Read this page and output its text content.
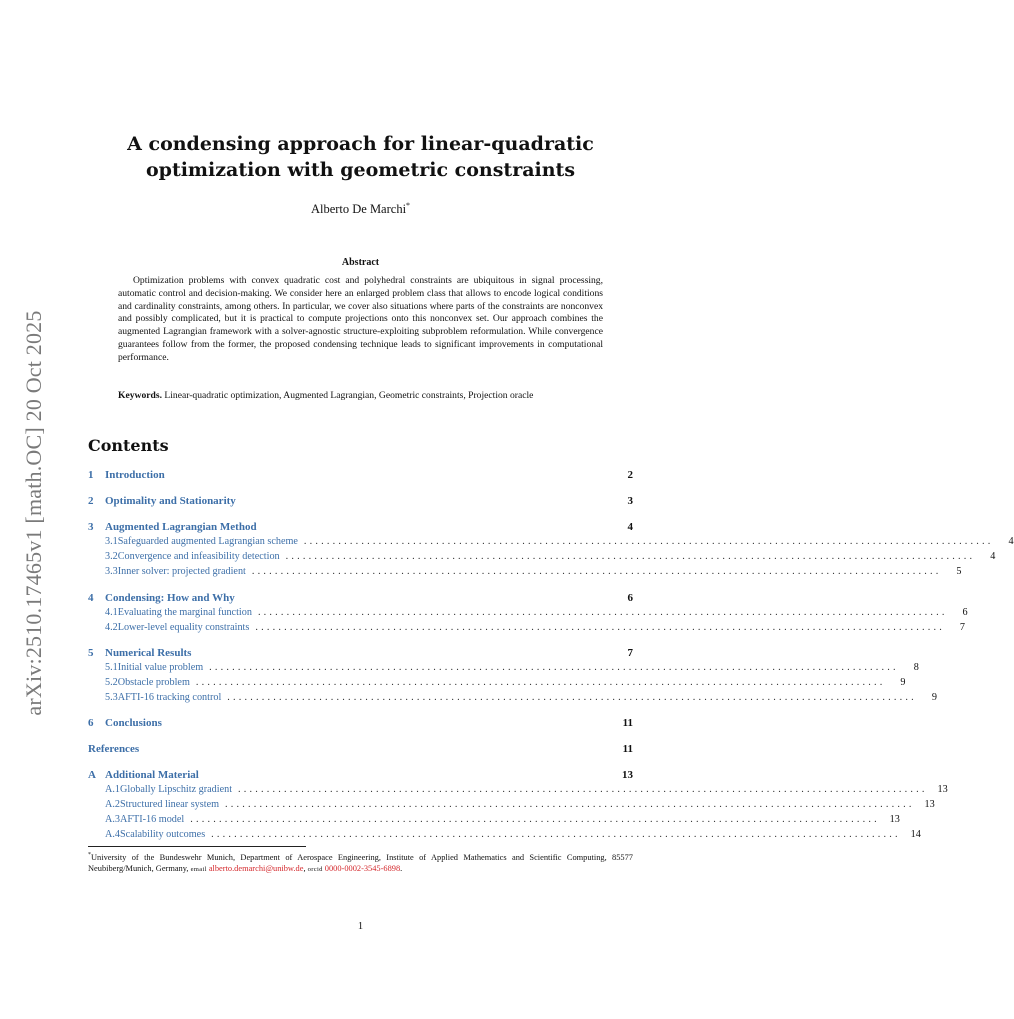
arXiv:2510.17465v1 [math.OC] 20 Oct 2025
A condensing approach for linear-quadratic
optimization with geometric constraints
Alberto De Marchi*
Abstract

Optimization problems with convex quadratic cost and polyhedral constraints are ubiquitous in signal processing, automatic control and decision-making. We consider here an enlarged problem class that allows to encode logical conditions and cardinality constraints, among others. In particular, we cover also situations where parts of the constraints are nonconvex and possibly complicated, but it is practical to compute projections onto this nonconvex set. Our approach combines the augmented Lagrangian framework with a solver-agnostic structure-exploiting subproblem reformulation. While convergence guarantees follow from the former, the proposed condensing technique leads to significant improvements in computational performance.

Keywords. Linear-quadratic optimization, Augmented Lagrangian, Geometric constraints, Projection oracle

Contents
1	Introduction	2
2	Optimality and Stationarity	3
3	Augmented Lagrangian Method	4
3.1 Safeguarded augmented Lagrangian scheme ........................................................................................................................	4
3.2 Convergence and infeasibility detection ........................................................................................................................	4
3.3 Inner solver: projected gradient ........................................................................................................................	5
4	Condensing: How and Why	6
4.1 Evaluating the marginal function ........................................................................................................................	6
4.2 Lower-level equality constraints ........................................................................................................................	7
5	Numerical Results	7
5.1 Initial value problem ........................................................................................................................	8
5.2 Obstacle problem ........................................................................................................................	9
5.3 AFTI-16 tracking control ........................................................................................................................	9
6	Conclusions	11
References	11
A Additional Material	13
A.1 Globally Lipschitz gradient ........................................................................................................................ 13
A.2 Structured linear system ........................................................................................................................ 13
A.3 AFTI-16 model ........................................................................................................................ 13
A.4 Scalability outcomes ........................................................................................................................ 14

*University of the Bundeswehr Munich, Department of Aerospace Engineering, Institute of Applied Mathematics and Scientific Computing, 85577 Neubiberg/Munich, Germany, email alberto.demarchi@unibw.de, orcid 0000-0002-3545-6898.

1
